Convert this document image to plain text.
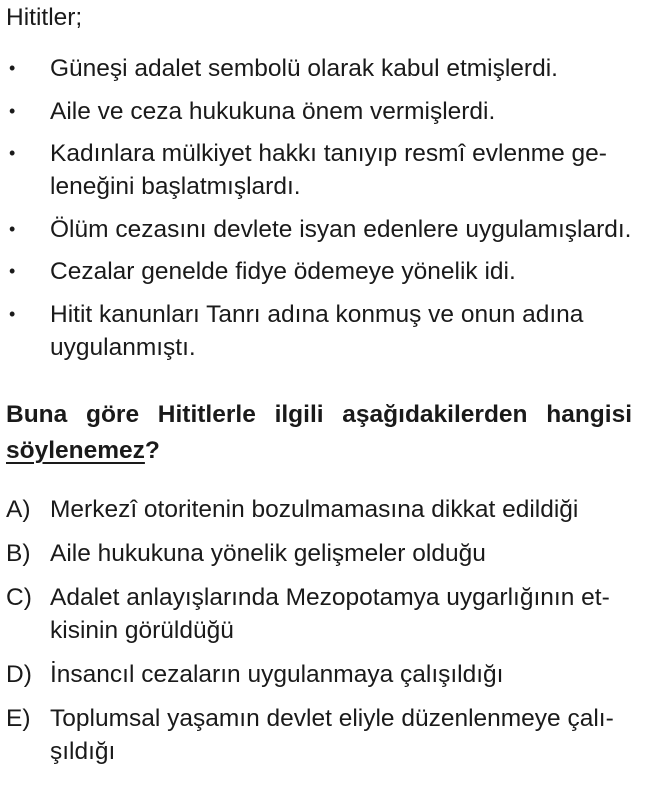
Hititler;
• Güneşi adalet sembolü olarak kabul etmişlerdi.
• Aile ve ceza hukukuna önem vermişlerdi.
• Kadınlara mülkiyet hakkı tanıyıp resmî evlenme ge-
leneğini başlatmışlardı.
• Ölüm cezasını devlete isyan edenlere uygulamışlardı.
• Cezalar genelde fidye ödemeye yönelik idi.
• Hitit kanunları Tanrı adına konmuş ve onun adına
uygulanmıştı.
Buna göre Hititlerle ilgili aşağıdakilerden hangisi söylenemez?
A) Merkezî otoritenin bozulmamasına dikkat edildiği
B) Aile hukukuna yönelik gelişmeler olduğu
C) Adalet anlayışlarında Mezopotamya uygarlığının et-
kisinin görüldüğü
D) İnsancıl cezaların uygulanmaya çalışıldığı
E) Toplumsal yaşamın devlet eliyle düzenlenmeye çalı-
şıldığı
